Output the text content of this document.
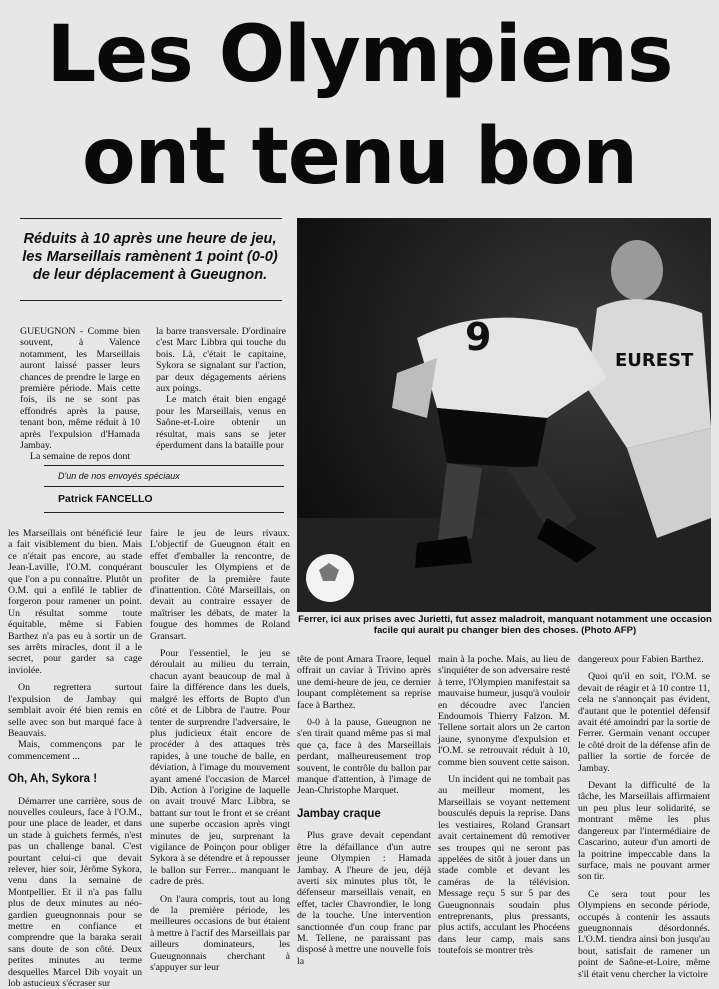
Les Olympiens
ont tenu bon
Réduits à 10 après une heure de jeu, les Marseillais ramènent 1 point (0-0) de leur déplacement à Gueugnon.
9
EUREST
Ferrer, ici aux prises avec Jurietti, fut assez maladroit, manquant notamment une occasion facile qui aurait pu changer bien des choses. (Photo AFP)

GUEUGNON - Comme bien souvent, à Valence notamment, les Marseillais auront laissé passer leurs chances de prendre le large en première période. Mais cette fois, ils ne se sont pas effondrés après la pause, tenant bon, même réduit à 10 après l'expulsion d'Hamada Jambay.

La semaine de repos dont

la barre transversale. D'ordinaire c'est Marc Libbra qui touche du bois. Là, c'était le capitaine, Sykora se signalant sur l'action, par deux dégagements aériens aux poings.

Le match était bien engagé pour les Marseillais, venus en Saône-et-Loire obtenir un résultat, mais sans se jeter éperdument dans la bataille pour

D'un de nos envoyés spéciaux
Patrick FANCELLO

les Marseillais ont bénéficié leur a fait visiblement du bien. Mais ce n'était pas encore, au stade Jean-Laville, l'O.M. conquérant que l'on a pu connaître. Plutôt un O.M. qui a enfilé le tablier de forgeron pour ramener un point. Un résultat somme toute équitable, même si Fabien Barthez n'a pas eu à sortir un de ses arrêts miracles, dont il a le secret, pour garder sa cage inviolée.

On regrettera surtout l'expulsion de Jambay qui semblait avoir été bien remis en selle avec son but marqué face à Beauvais.

Mais, commençons par le commencement ...

Oh, Ah, Sykora !

Démarrer une carrière, sous de nouvelles couleurs, face à l'O.M., pour une place de leader, et dans un stade à guichets fermés, n'est pas un challenge banal. C'est pourtant celui-ci que devait relever, hier soir, Jérôme Sykora, venu dans la semaine de Montpellier. Et il n'a pas fallu plus de deux minutes au néo-gardien gueugnonnais pour se mettre en confiance et comprendre que la baraka serait sans doute de son côté. Deux petites minutes au terme desquelles Marcel Dib voyait un lob astucieux s'écraser sur

faire le jeu de leurs rivaux. L'objectif de Gueugnon était en effet d'emballer la rencontre, de bousculer les Olympiens et de profiter de la première faute d'inattention. Côté Marseillais, on devait au contraire essayer de maîtriser les débats, de mater la fougue des hommes de Roland Gransart.

Pour l'essentiel, le jeu se déroulait au milieu du terrain, chacun ayant beaucoup de mal à faire la différence dans les duels, malgré les efforts de Bupto d'un côté et de Libbra de l'autre. Pour tenter de surprendre l'adversaire, le plus judicieux était encore de procéder à des attaques très rapides, à une touche de balle, en déviation, à l'image du mouvement ayant amené l'occasion de Marcel Dib. Action à l'origine de laquelle on avait trouvé Marc Libbra, se battant sur tout le front et se créant une superbe occasion après vingt minutes de jeu, surprenant la vigilance de Poinçon pour obliger Sykora à se détendre et à repousser le ballon sur Ferrer... manquant le cadre de près.

On l'aura compris, tout au long de la première période, les meilleures occasions de but étaient à mettre à l'actif des Marseillais par ailleurs dominateurs, les Gueugnonnais cherchant à s'appuyer sur leur

tête de pont Amara Traore, lequel offrait un caviar à Trivino après une demi-heure de jeu, ce dernier loupant complètement sa reprise face à Barthez.

0-0 à la pause, Gueugnon ne s'en tirait quand même pas si mal que ça, face à des Marseillais perdant, malheureusement trop souvent, le contrôle du ballon par manque d'attention, à l'image de Jean-Christophe Marquet.

Jambay craque

Plus grave devait cependant être la défaillance d'un autre jeune Olympien : Hamada Jambay. A l'heure de jeu, déjà averti six minutes plus tôt, le défenseur marseillais venait, en effet, tacler Chavrondier, le long de la touche. Une intervention sanctionnée d'un coup franc par M. Tellene, ne paraissant pas disposé à mettre une nouvelle fois la

main à la poche. Mais, au lieu de s'inquiéter de son adversaire resté à terre, l'Olympien manifestait sa mauvaise humeur, jusqu'à vouloir en découdre avec l'ancien Endoumois Thierry Falzon. M. Tellene sortait alors un 2e carton jaune, synonyme d'expulsion et l'O.M. se retrouvait réduit à 10, comme bien souvent cette saison.

Un incident qui ne tombait pas au meilleur moment, les Marseillais se voyant nettement bousculés depuis la reprise. Dans les vestiaires, Roland Gransart avait certainement dû remotiver ses troupes qui ne seront pas appelées de sitôt à jouer dans un stade comble et devant les caméras de la télévision. Message reçu 5 sur 5 par des Gueugnonnais soudain plus entreprenants, plus pressants, plus actifs, acculant les Phocéens dans leur camp, mais sans toutefois se montrer très

dangereux pour Fabien Barthez.

Quoi qu'il en soit, l'O.M. se devait de réagir et à 10 contre 11, cela ne s'annonçait pas évident, d'autant que le potentiel défensif avait été amoindri par la sortie de Ferrer. Germain venant occuper le côté droit de la défense afin de pallier la sortie de forcée de Jambay.

Devant la difficulté de la tâche, les Marseillais affirmaient un peu plus leur solidarité, se montrant même les plus dangereux par l'intermédiaire de Cascarino, auteur d'un amorti de la poitrine impeccable dans la surface, mais ne pouvant armer son tir.

Ce sera tout pour les Olympiens en seconde période, occupés à contenir les assauts gueugnonnais désordonnés. L'O.M. tiendra ainsi bon jusqu'au bout, satisfait de ramener un point de Saône-et-Loire, même s'il était venu chercher la victoire
